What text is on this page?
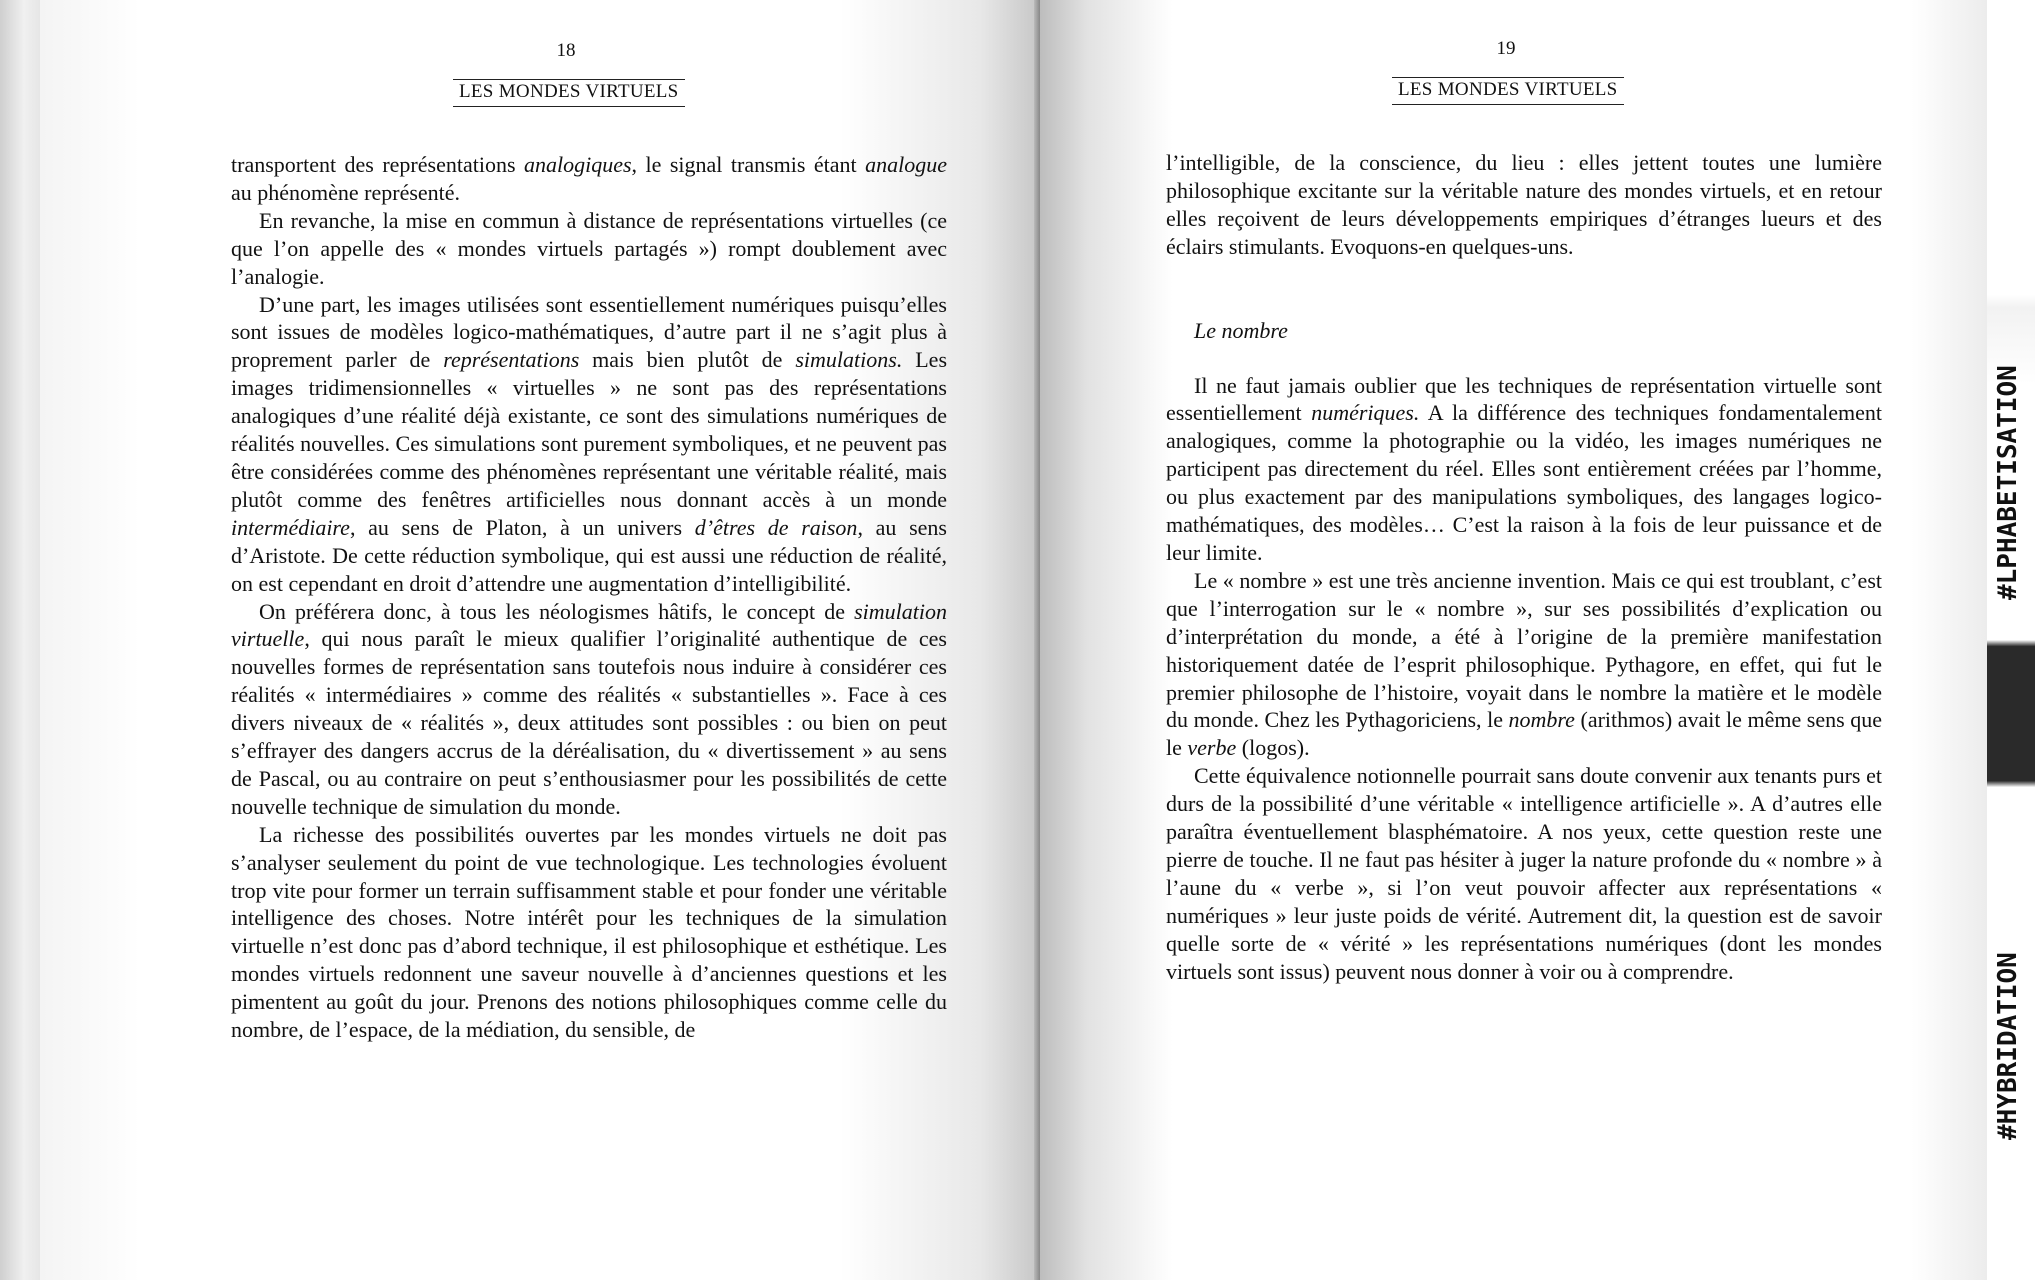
18
LES MONDES VIRTUELS

transportent des représentations analogiques, le signal transmis étant analogue au phénomène représenté.

En revanche, la mise en commun à distance de représentations virtuelles (ce que l’on appelle des « mondes virtuels partagés ») rompt doublement avec l’analogie.

D’une part, les images utilisées sont essentiellement numériques puisqu’elles sont issues de modèles logico-mathématiques, d’autre part il ne s’agit plus à proprement parler de représentations mais bien plutôt de simulations. Les images tridimensionnelles « virtuelles » ne sont pas des représentations analogiques d’une réalité déjà existante, ce sont des simulations numériques de réalités nouvelles. Ces simulations sont purement symboliques, et ne peuvent pas être considérées comme des phénomènes représentant une véritable réalité, mais plutôt comme des fenêtres artificielles nous donnant accès à un monde intermédiaire, au sens de Platon, à un univers d’êtres de raison, au sens d’Aristote. De cette réduction symbolique, qui est aussi une réduction de réalité, on est cependant en droit d’attendre une augmentation d’intelligibilité.

On préférera donc, à tous les néologismes hâtifs, le concept de simulation virtuelle, qui nous paraît le mieux qualifier l’originalité authentique de ces nouvelles formes de représentation sans toutefois nous induire à considérer ces réalités « intermédiaires » comme des réalités « substantielles ». Face à ces divers niveaux de « réalités », deux attitudes sont possibles : ou bien on peut s’effrayer des dangers accrus de la déréalisation, du « divertissement » au sens de Pascal, ou au contraire on peut s’enthousiasmer pour les possibilités de cette nouvelle technique de simulation du monde.

La richesse des possibilités ouvertes par les mondes virtuels ne doit pas s’analyser seulement du point de vue technologique. Les technologies évoluent trop vite pour former un terrain suffisamment stable et pour fonder une véritable intelligence des choses. Notre intérêt pour les techniques de la simulation virtuelle n’est donc pas d’abord technique, il est philosophique et esthétique. Les mondes virtuels redonnent une saveur nouvelle à d’anciennes questions et les pimentent au goût du jour. Prenons des notions philosophiques comme celle du nombre, de l’espace, de la médiation, du sensible, de

19
LES MONDES VIRTUELS

l’intelligible, de la conscience, du lieu : elles jettent toutes une lumière philosophique excitante sur la véritable nature des mondes virtuels, et en retour elles reçoivent de leurs développements empiriques d’étranges lueurs et des éclairs stimulants. Evoquons-en quelques-uns.

Le nombre

Il ne faut jamais oublier que les techniques de représentation virtuelle sont essentiellement numériques. A la différence des techniques fondamentalement analogiques, comme la photographie ou la vidéo, les images numériques ne participent pas directement du réel. Elles sont entièrement créées par l’homme, ou plus exactement par des manipulations symboliques, des langages logico-mathématiques, des modèles… C’est la raison à la fois de leur puissance et de leur limite.

Le « nombre » est une très ancienne invention. Mais ce qui est troublant, c’est que l’interrogation sur le « nombre », sur ses possibilités d’explication ou d’interprétation du monde, a été à l’origine de la première manifestation historiquement datée de l’esprit philosophique. Pythagore, en effet, qui fut le premier philosophe de l’histoire, voyait dans le nombre la matière et le modèle du monde. Chez les Pythagoriciens, le nombre (arithmos) avait le même sens que le verbe (logos).

Cette équivalence notionnelle pourrait sans doute convenir aux tenants purs et durs de la possibilité d’une véritable « intelligence artificielle ». A d’autres elle paraîtra éventuellement blasphématoire. A nos yeux, cette question reste une pierre de touche. Il ne faut pas hésiter à juger la nature profonde du « nombre » à l’aune du « verbe », si l’on veut pouvoir affecter aux représentations « numériques » leur juste poids de vérité. Autrement dit, la question est de savoir quelle sorte de « vérité » les représentations numériques (dont les mondes virtuels sont issus) peuvent nous donner à voir ou à comprendre.

#LPHABETISATION
#HYBRIDATION
